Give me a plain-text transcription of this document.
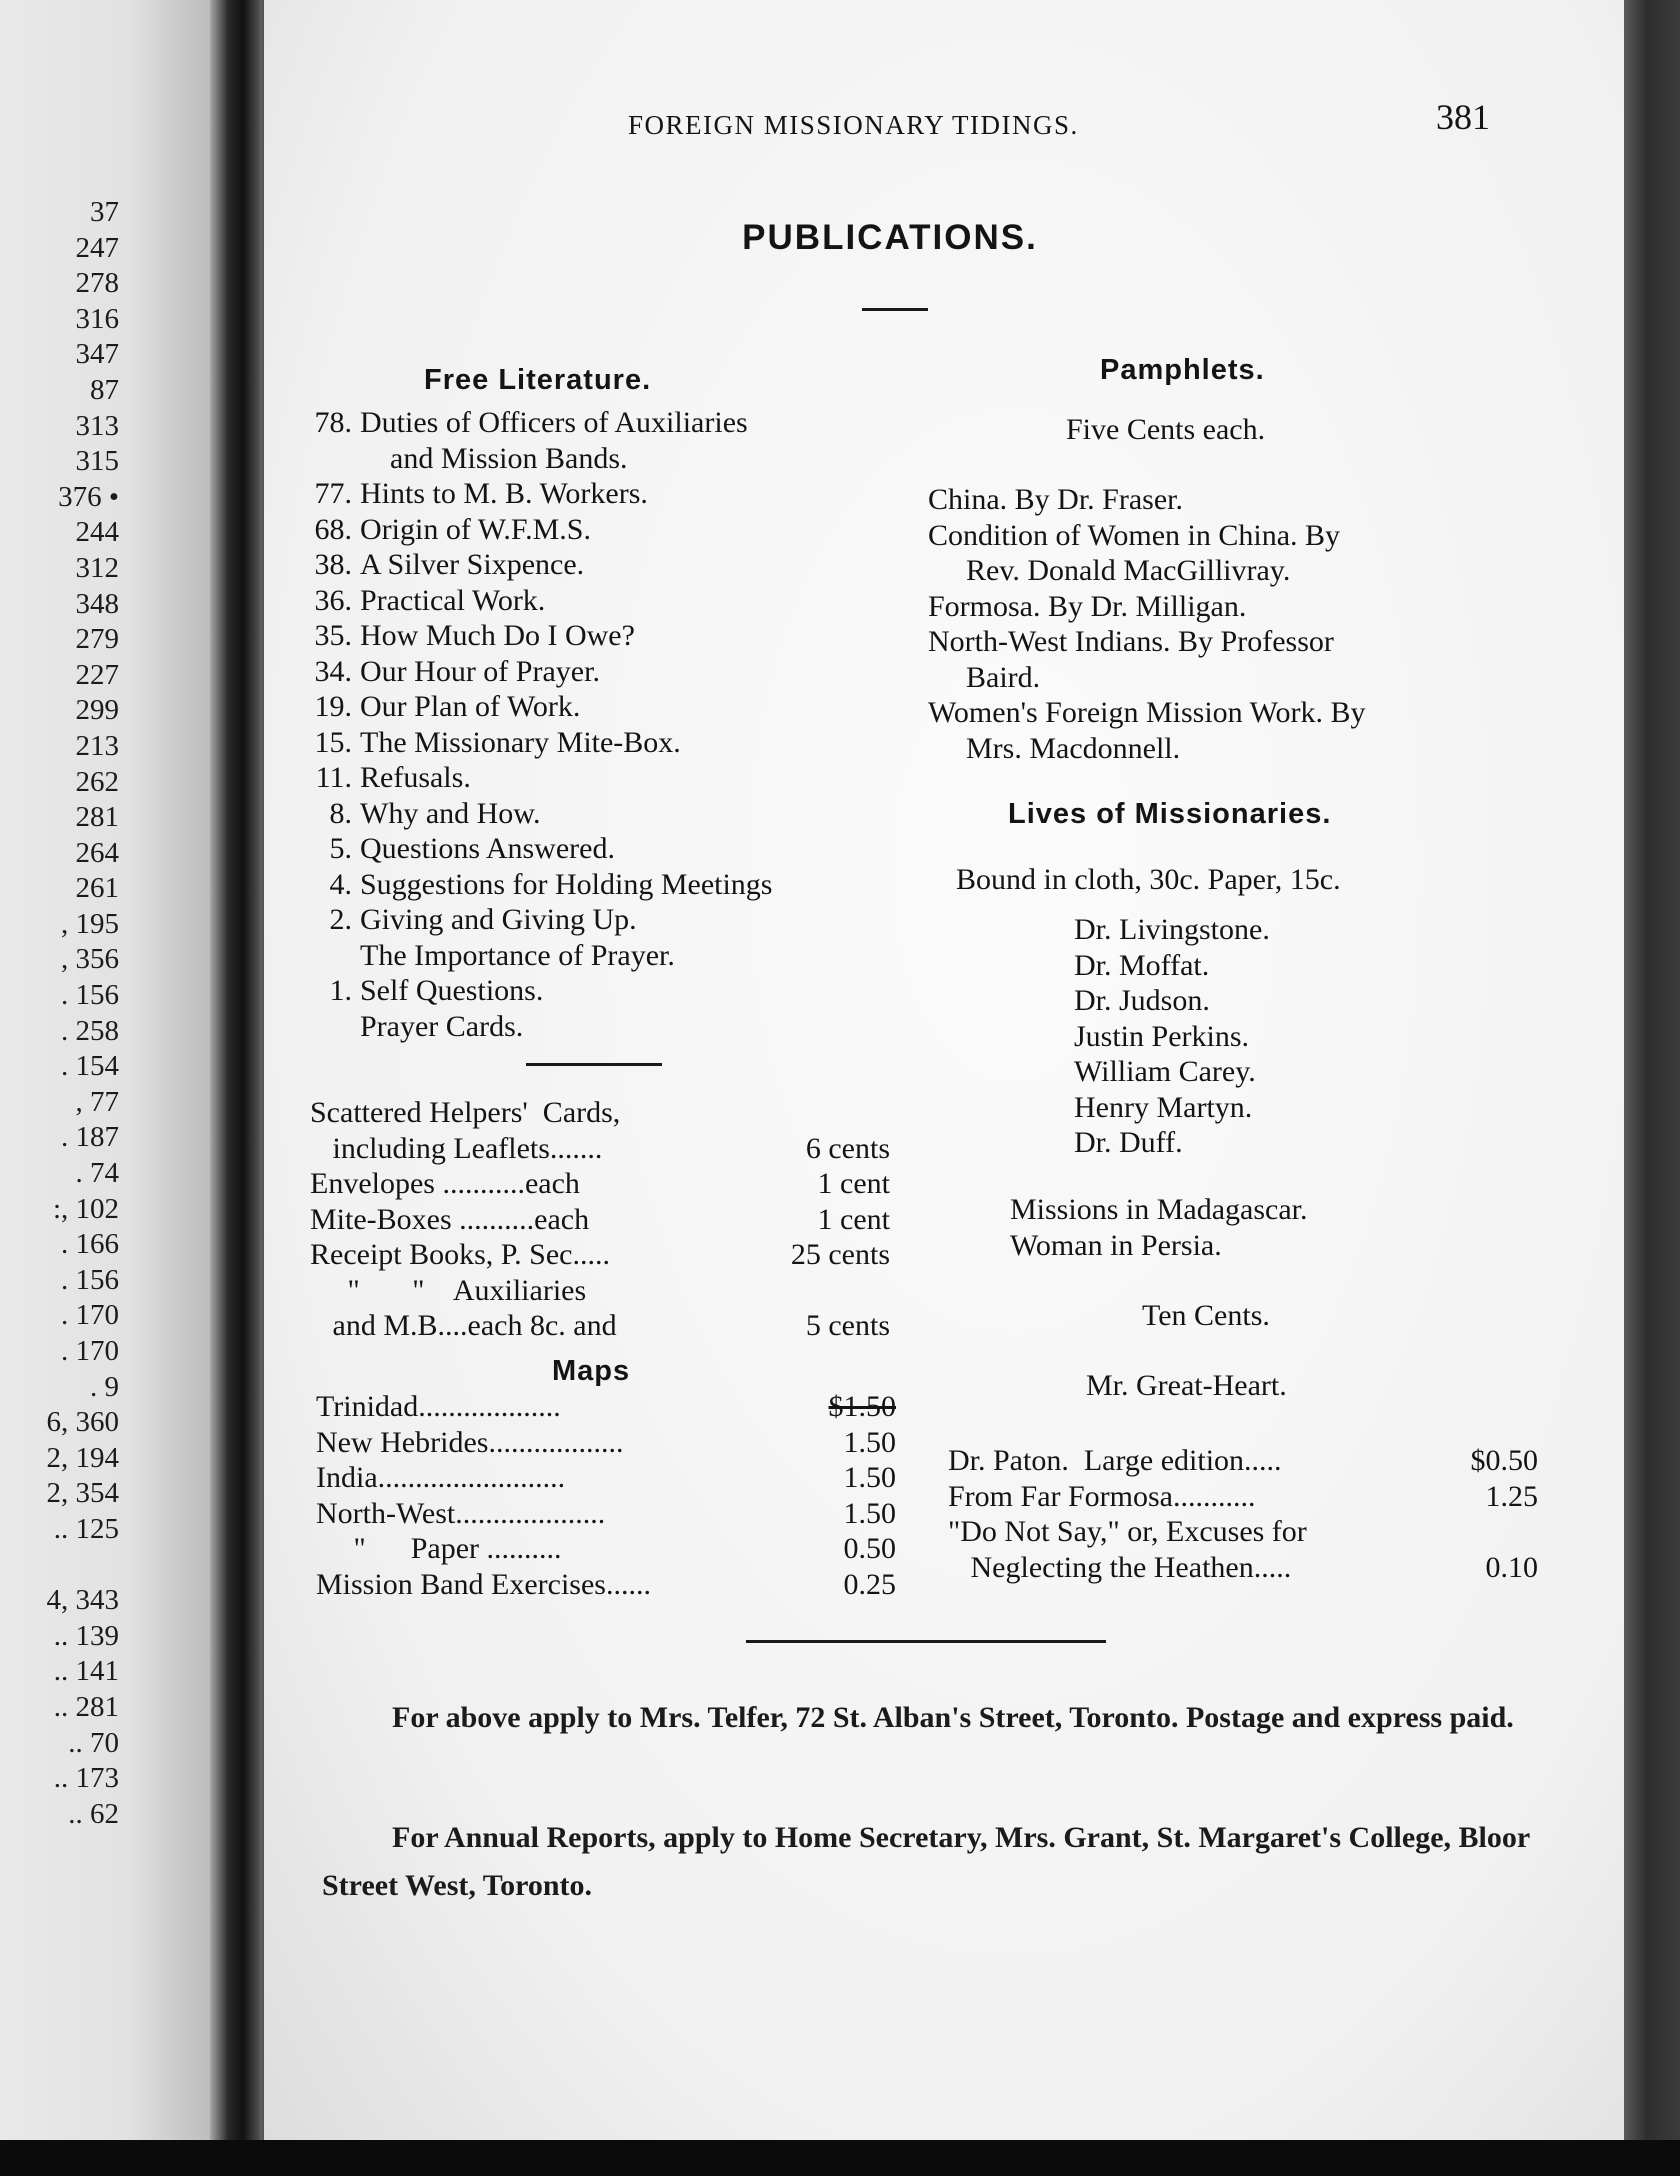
37
247
278
316
347
87
313
315
376 •
244
312
348
279
227
299
213
262
281
264
261
, 195
, 356
. 156
. 258
. 154
, 77
. 187
. 74
:, 102
. 166
. 156
. 170
. 170
. 9
6, 360
2, 194
2, 354
.. 125
4, 343
.. 139
.. 141
.. 281
.. 70
.. 173
.. 62
FOREIGN MISSIONARY TIDINGS.	381
PUBLICATIONS.
Free Literature.
78. Duties of Officers of Auxiliaries
and Mission Bands.
77. Hints to M. B. Workers.
68. Origin of W.F.M.S.
38. A Silver Sixpence.
36. Practical Work.
35. How Much Do I Owe?
34. Our Hour of Prayer.
19. Our Plan of Work.
15. The Missionary Mite-Box.
11. Refusals.
8. Why and How.
5. Questions Answered.
4. Suggestions for Holding Meetings
2. Giving and Giving Up.
The Importance of Prayer.
1. Self Questions.
Prayer Cards.
Scattered Helpers'  Cards,
including Leaflets.......	6 cents
Envelopes ...........each	1 cent
Mite-Boxes ..........each	1 cent
Receipt Books, P. Sec.....	25 cents
"       "    Auxiliaries
and M.B....each 8c. and	5 cents
Maps
Trinidad...................	$1.50
New Hebrides..................	1.50
India.........................	1.50
North-West....................	1.50
"      Paper ..........	0.50
Mission Band Exercises......	0.25
Pamphlets.
Five Cents each.
China. By Dr. Fraser.
Condition of Women in China. By
Rev. Donald MacGillivray.
Formosa. By Dr. Milligan.
North-West Indians. By Professor
Baird.
Women's Foreign Mission Work. By
Mrs. Macdonnell.
Lives of Missionaries.
Bound in cloth, 30c. Paper, 15c.
Dr. Livingstone.
Dr. Moffat.
Dr. Judson.
Justin Perkins.
William Carey.
Henry Martyn.
Dr. Duff.
Missions in Madagascar.
Woman in Persia.
Ten Cents.
Mr. Great-Heart.
Dr. Paton.  Large edition.....	$0.50
From Far Formosa...........	1.25
"Do Not Say," or, Excuses for
Neglecting the Heathen.....	0.10
For above apply to Mrs. Telfer, 72 St. Alban's Street, Toronto. Postage and express paid.
For Annual Reports, apply to Home Secretary, Mrs. Grant, St. Margaret's College, Bloor Street West, Toronto.
